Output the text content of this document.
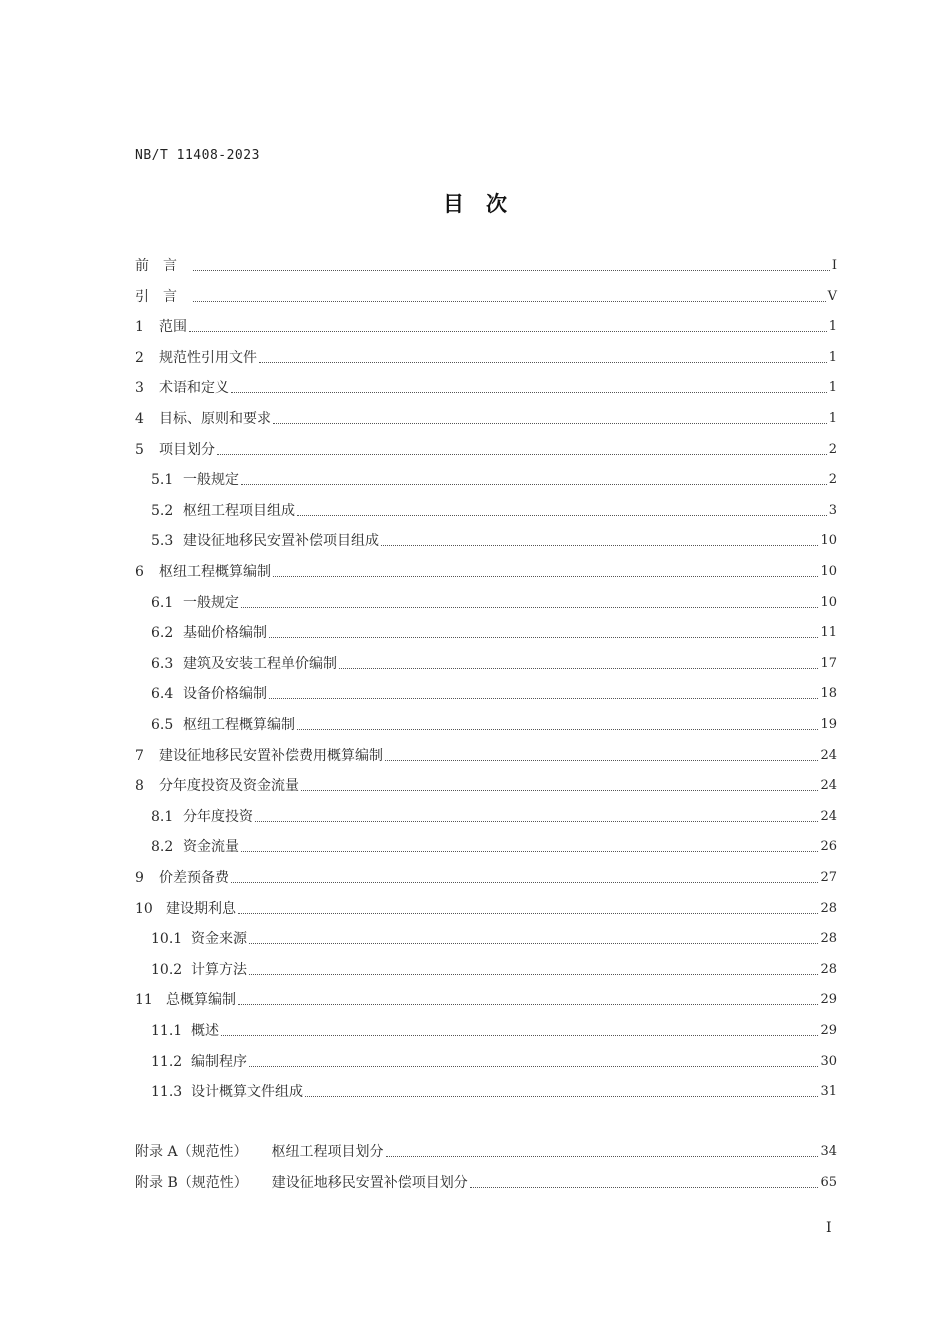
NB/T 11408-2023
目次
前言	I
引言	V
1	范围	1
2	规范性引用文件	1
3	术语和定义	1
4	目标、原则和要求	1
5	项目划分	2
5.1 一般规定	2
5.2 枢纽工程项目组成	3
5.3 建设征地移民安置补偿项目组成	10
6	枢纽工程概算编制	10
6.1 一般规定	10
6.2 基础价格编制	11
6.3 建筑及安装工程单价编制	17
6.4 设备价格编制	18
6.5 枢纽工程概算编制	19
7	建设征地移民安置补偿费用概算编制	24
8	分年度投资及资金流量	24
8.1 分年度投资	24
8.2 资金流量	26
9	价差预备费	27
10 建设期利息	28
10.1 资金来源	28
10.2 计算方法	28
11 总概算编制	29
11.1 概述	29
11.2 编制程序	30
11.3 设计概算文件组成	31
附录 A（规范性） 枢纽工程项目划分	34
附录 B（规范性） 建设征地移民安置补偿项目划分	65
I
